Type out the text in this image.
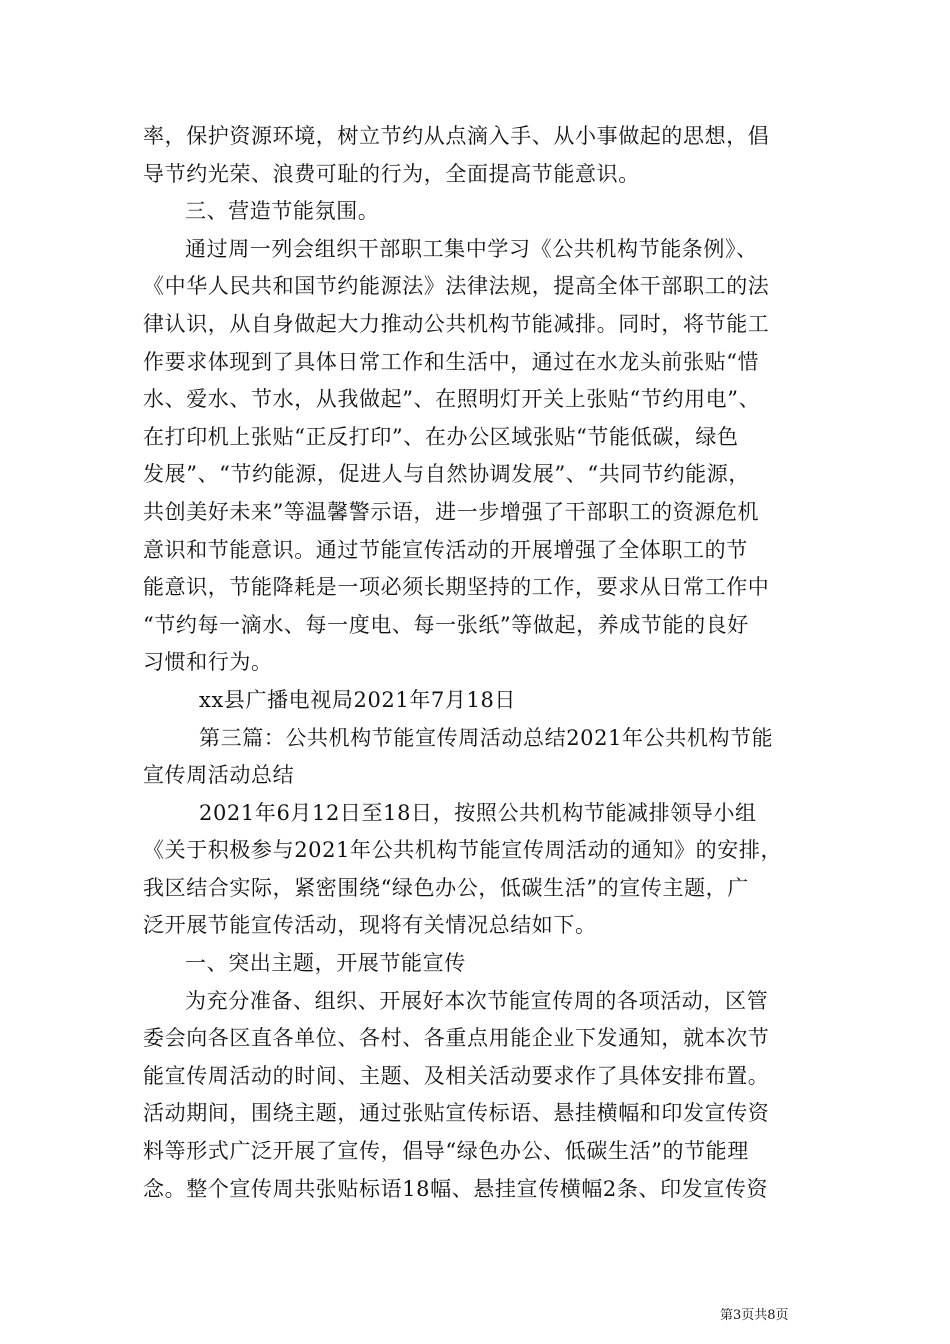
率，保护资源环境，树立节约从点滴入手、从小事做起的思想，倡
导节约光荣、浪费可耻的行为，全面提高节能意识。
三、营造节能氛围。
通过周一列会组织干部职工集中学习《公共机构节能条例》、
《中华人民共和国节约能源法》法律法规，提高全体干部职工的法
律认识，从自身做起大力推动公共机构节能减排。同时，将节能工
作要求体现到了具体日常工作和生活中，通过在水龙头前张贴“惜
水、爱水、节水，从我做起”、在照明灯开关上张贴“节约用电”、
在打印机上张贴“正反打印”、在办公区域张贴“节能低碳，绿色
发展”、“节约能源，促进人与自然协调发展”、“共同节约能源，
共创美好未来”等温馨警示语，进一步增强了干部职工的资源危机
意识和节能意识。通过节能宣传活动的开展增强了全体职工的节
能意识，节能降耗是一项必须长期坚持的工作，要求从日常工作中
“节约每一滴水、每一度电、每一张纸”等做起，养成节能的良好
习惯和行为。
xx县广播电视局2021年7月18日
第三篇：公共机构节能宣传周活动总结2021年公共机构节能
宣传周活动总结
2021年6月12日至18日，按照公共机构节能减排领导小组
《关于积极参与2021年公共机构节能宣传周活动的通知》的安排，
我区结合实际，紧密围绕“绿色办公，低碳生活”的宣传主题，广
泛开展节能宣传活动，现将有关情况总结如下。
一、突出主题，开展节能宣传
为充分准备、组织、开展好本次节能宣传周的各项活动，区管
委会向各区直各单位、各村、各重点用能企业下发通知，就本次节
能宣传周活动的时间、主题、及相关活动要求作了具体安排布置。
活动期间，围绕主题，通过张贴宣传标语、悬挂横幅和印发宣传资
料等形式广泛开展了宣传，倡导“绿色办公、低碳生活”的节能理
念。整个宣传周共张贴标语18幅、悬挂宣传横幅2条、印发宣传资
第3页共8页
